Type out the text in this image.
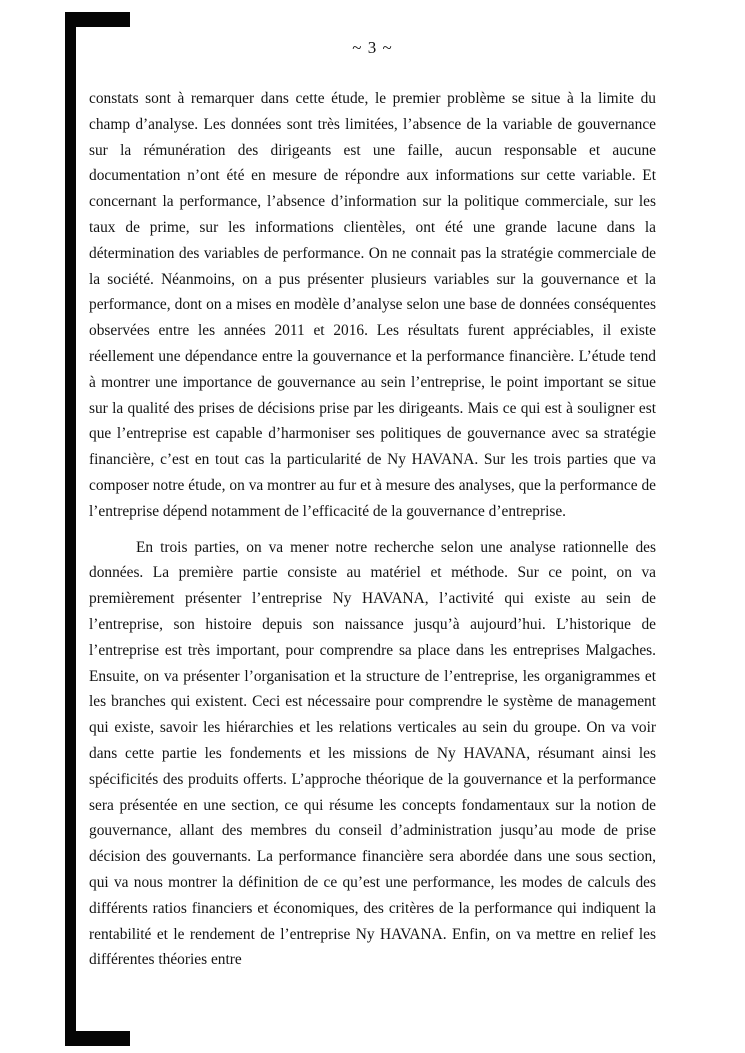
~ 3 ~

constats sont à remarquer dans cette étude, le premier problème se situe à la limite du champ d’analyse. Les données sont très limitées, l’absence de la variable de gouvernance sur la rémunération des dirigeants est une faille, aucun responsable et aucune documentation n’ont été en mesure de répondre aux informations sur cette variable. Et concernant la performance, l’absence d’information sur la politique commerciale, sur les taux de prime, sur les informations clientèles, ont été une grande lacune dans la détermination des variables de performance. On ne connait pas la stratégie commerciale de la société. Néanmoins, on a pus présenter plusieurs variables sur la gouvernance et la performance, dont on a mises en modèle d’analyse selon une base de données conséquentes observées entre les années 2011 et 2016. Les résultats furent appréciables, il existe réellement une dépendance entre la gouvernance et la performance financière. L’étude tend à montrer une importance de gouvernance au sein l’entreprise, le point important se situe sur la qualité des prises de décisions prise par les dirigeants. Mais ce qui est à souligner est que l’entreprise est capable d’harmoniser ses politiques de gouvernance avec sa stratégie financière, c’est en tout cas la particularité de Ny HAVANA. Sur les trois parties que va composer notre étude, on va montrer au fur et à mesure des analyses, que la performance de l’entreprise dépend notamment de l’efficacité de la gouvernance d’entreprise.

En trois parties, on va mener notre recherche selon une analyse rationnelle des données. La première partie consiste au matériel et méthode. Sur ce point, on va premièrement présenter l’entreprise Ny HAVANA, l’activité qui existe au sein de l’entreprise, son histoire depuis son naissance jusqu’à aujourd’hui. L’historique de l’entreprise est très important, pour comprendre sa place dans les entreprises Malgaches. Ensuite, on va présenter l’organisation et la structure de l’entreprise, les organigrammes et les branches qui existent. Ceci est nécessaire pour comprendre le système de management qui existe, savoir les hiérarchies et les relations verticales au sein du groupe. On va voir dans cette partie les fondements et les missions de Ny HAVANA, résumant ainsi les spécificités des produits offerts. L’approche théorique de la gouvernance et la performance sera présentée en une section, ce qui résume les concepts fondamentaux sur la notion de gouvernance, allant des membres du conseil d’administration jusqu’au mode de prise décision des gouvernants. La performance financière sera abordée dans une sous section, qui va nous montrer la définition de ce qu’est une performance, les modes de calculs des différents ratios financiers et économiques, des critères de la performance qui indiquent la rentabilité et le rendement de l’entreprise Ny HAVANA. Enfin, on va mettre en relief les différentes théories entre
